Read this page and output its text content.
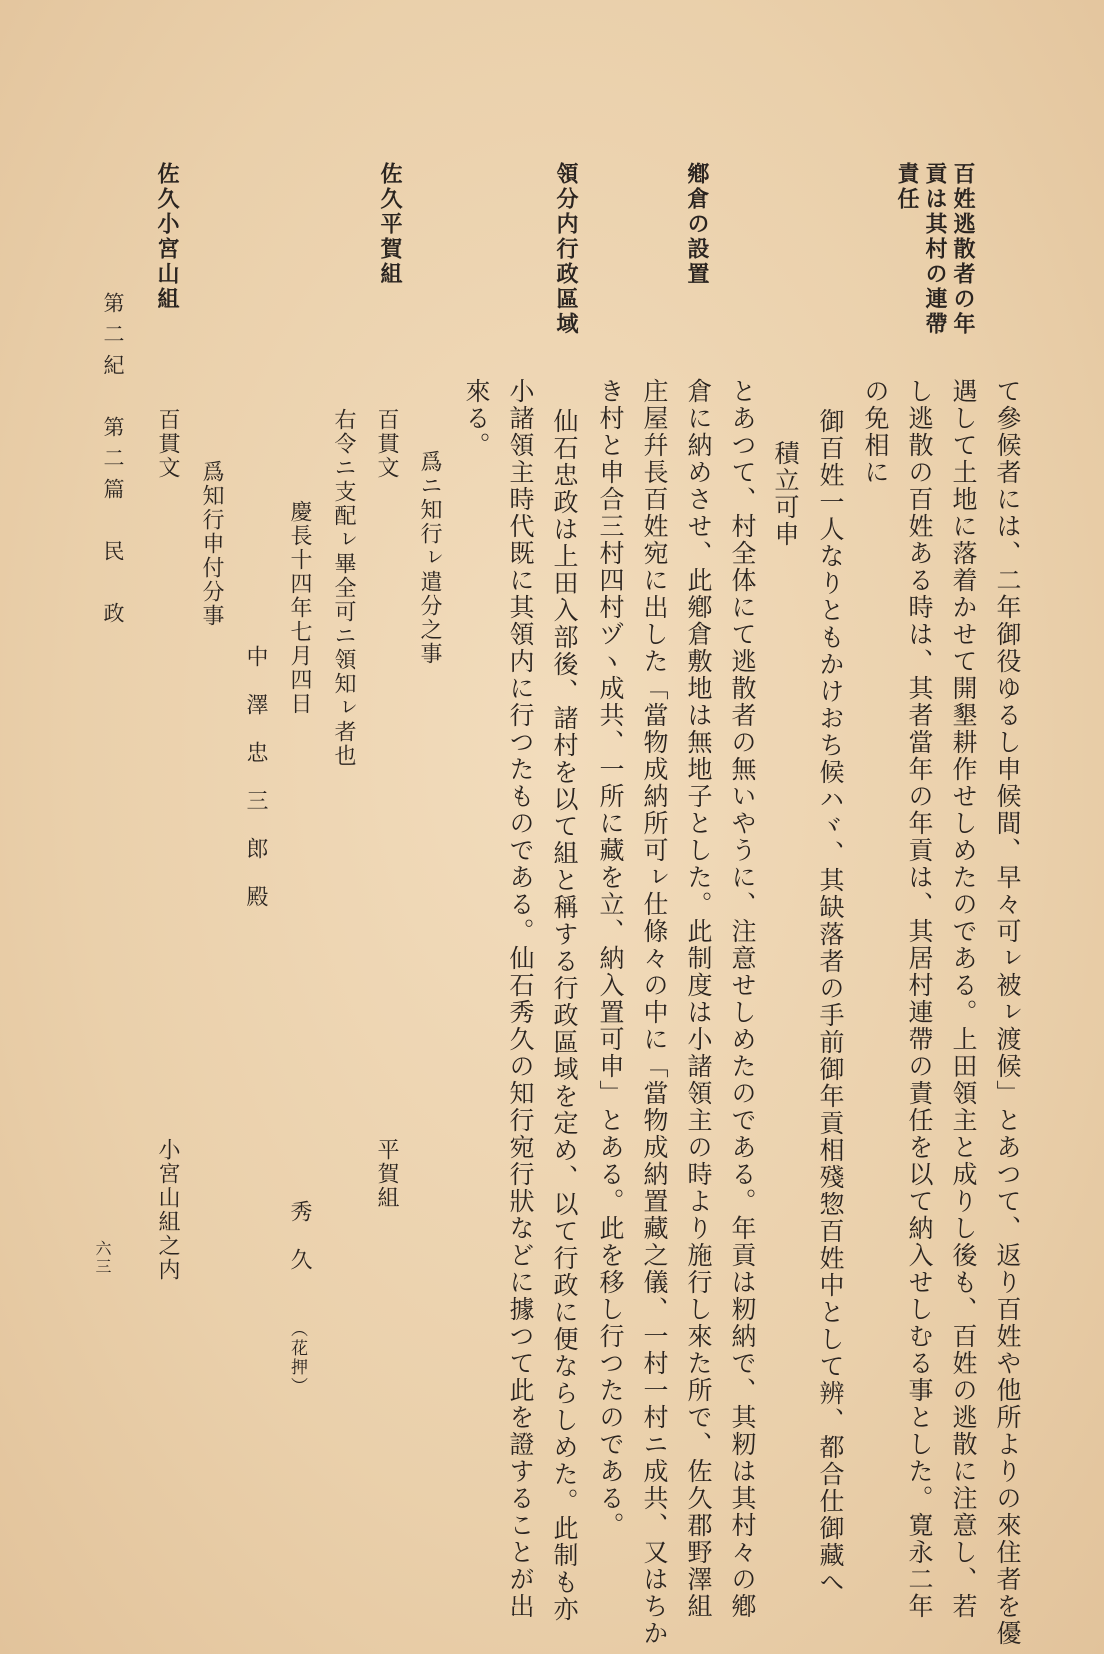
百姓逃散者の年
貢は其村の連帶
責任
鄕倉の設置
領分内行政區域
佐久平賀組
佐久小宮山組
て參候者には、二年御役ゆるし申候間、早々可ㇾ被ㇾ渡候」とあつて、返り百姓や他所よりの來住者を優
遇して土地に落着かせて開墾耕作せしめたのである。上田領主と成りし後も、百姓の逃散に注意し、若
し逃散の百姓ある時は、其者當年の年貢は、其居村連帶の責任を以て納入せしむる事とした。寛永二年
の免相に
御百姓一人なりともかけおち候ハヾ、其缺落者の手前御年貢相殘惣百姓中として辨、都合仕御藏へ
積立可申
とあつて、村全体にて逃散者の無いやうに、注意せしめたのである。年貢は籾納で、其籾は其村々の鄕
倉に納めさせ、此鄕倉敷地は無地子とした。此制度は小諸領主の時より施行し來た所で、佐久郡野澤組
庄屋幷長百姓宛に出した「當物成納所可ㇾ仕條々の中に「當物成納置藏之儀、一村一村ニ成共、又はちか
き村と申合三村四村ヅヽ成共、一所に藏を立、納入置可申」とある。此を移し行つたのである。
仙石忠政は上田入部後、諸村を以て組と稱する行政區域を定め、以て行政に便ならしめた。此制も亦
小諸領主時代既に其領内に行つたものである。仙石秀久の知行宛行狀などに據つて此を證することが出
來る。
爲ニ知行ㇾ遣分之事
百貫文
平賀組
右令ニ支配ㇾ畢全可ニ領知ㇾ者也
慶長十四年七月四日
秀　久
（花押）
中　澤　忠　三　郎　殿
爲知行申付分事
百貫文
小宮山組之内
第二紀　第二篇　民　政
六三
